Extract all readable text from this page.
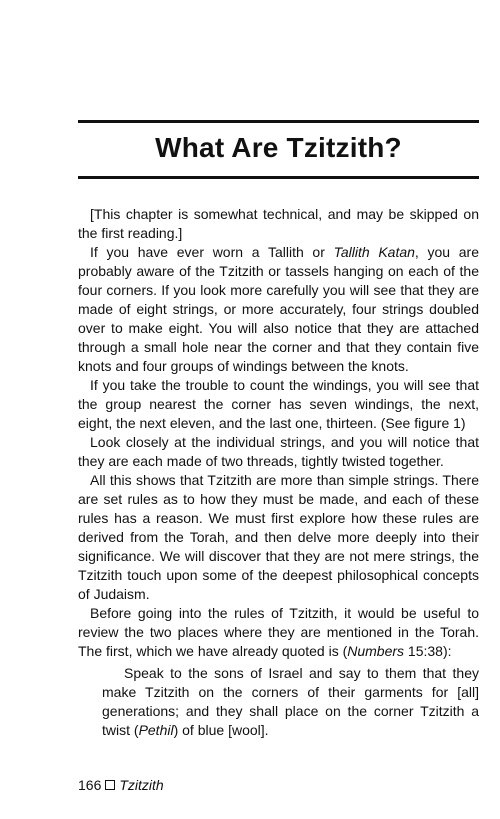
What Are Tzitzith?

[This chapter is somewhat technical, and may be skipped on the first reading.]

If you have ever worn a Tallith or Tallith Katan, you are probably aware of the Tzitzith or tassels hanging on each of the four corners. If you look more carefully you will see that they are made of eight strings, or more accurately, four strings doubled over to make eight. You will also notice that they are attached through a small hole near the corner and that they contain five knots and four groups of windings between the knots.

If you take the trouble to count the windings, you will see that the group nearest the corner has seven windings, the next, eight, the next eleven, and the last one, thirteen. (See figure 1)

Look closely at the individual strings, and you will notice that they are each made of two threads, tightly twisted together.

All this shows that Tzitzith are more than simple strings. There are set rules as to how they must be made, and each of these rules has a reason. We must first explore how these rules are derived from the Torah, and then delve more deeply into their significance. We will discover that they are not mere strings, the Tzitzith touch upon some of the deepest philosophical concepts of Judaism.

Before going into the rules of Tzitzith, it would be useful to review the two places where they are mentioned in the Torah. The first, which we have already quoted is (Numbers 15:38):

Speak to the sons of Israel and say to them that they make Tzitzith on the corners of their garments for [all] generations; and they shall place on the corner Tzitzith a twist (Pethil) of blue [wool].
166 Tzitzith
